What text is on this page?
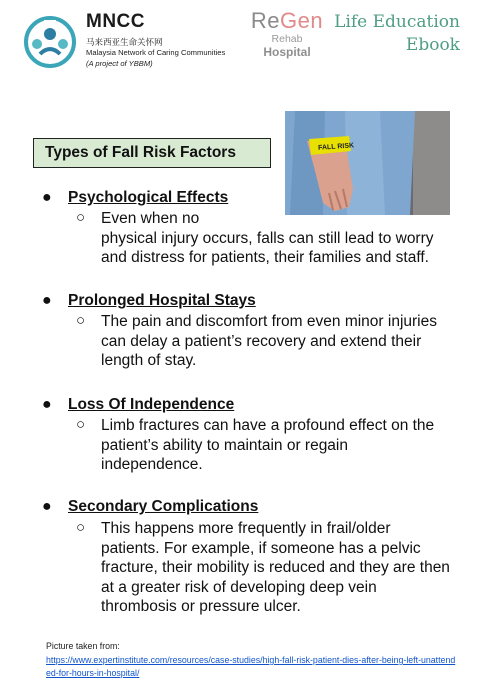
MNCC
马来西亚生命关怀网
Malaysia Network of Caring Communities
(A project of YBBM)
ReGen
Rehab
Hospital
Life Education
Ebook
FALL RISK
Types of Fall Risk Factors
● Psychological Effects
○ Even when no
physical injury occurs, falls can still lead to worry and distress for patients, their families and staff.
● Prolonged Hospital Stays
○ The pain and discomfort from even minor injuries can delay a patient’s recovery and extend their length of stay.
● Loss Of Independence
○ Limb fractures can have a profound effect on the patient’s ability to maintain or regain independence.
● Secondary Complications
○ This happens more frequently in frail/older patients. For example, if someone has a pelvic fracture, their mobility is reduced and they are then at a greater risk of developing deep vein thrombosis or pressure ulcer.
Picture taken from:
https://www.expertinstitute.com/resources/case-studies/high-fall-risk-patient-dies-after-being-left-unattended-for-hours-in-hospital/
